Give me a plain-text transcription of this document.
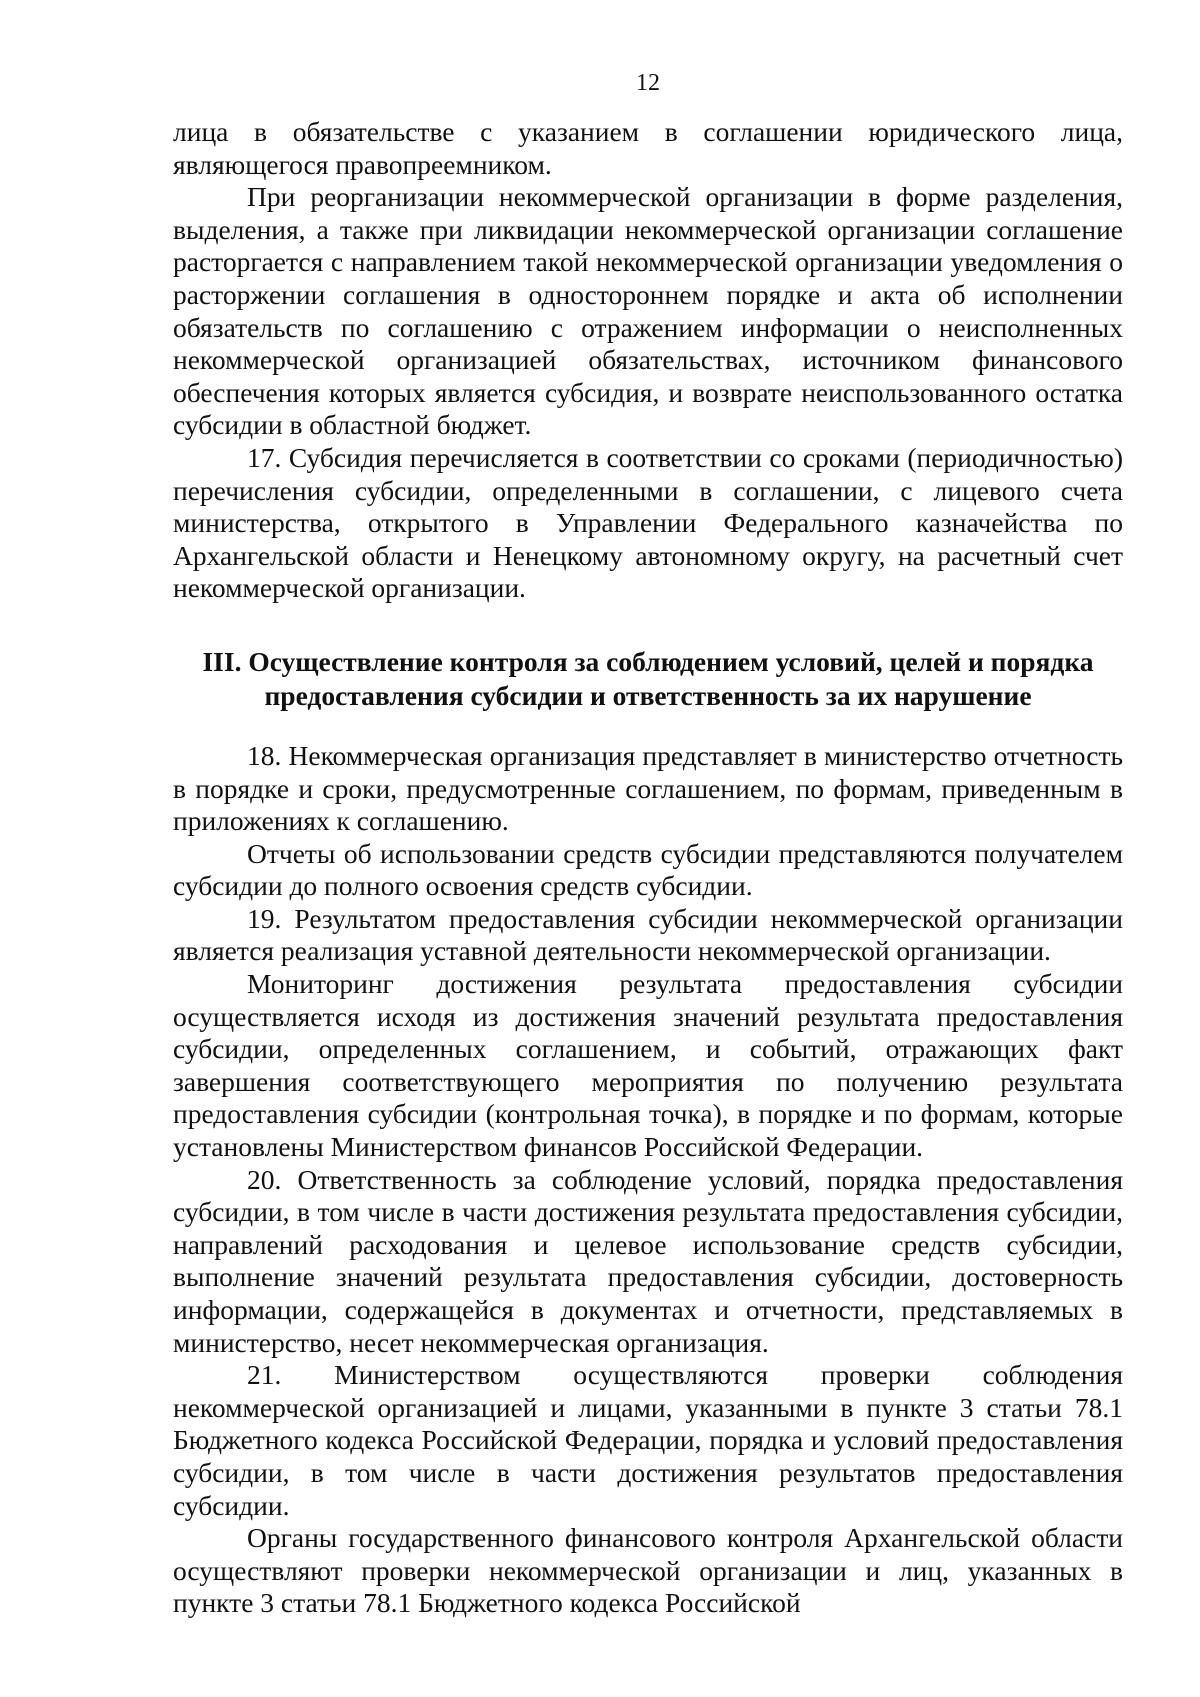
12

лица в обязательстве с указанием в соглашении юридического лица, являющегося правопреемником.

При реорганизации некоммерческой организации в форме разделения, выделения, а также при ликвидации некоммерческой организации соглашение расторгается с направлением такой некоммерческой организации уведомления о расторжении соглашения в одностороннем порядке и акта об исполнении обязательств по соглашению с отражением информации о неисполненных некоммерческой организацией обязательствах, источником финансового обеспечения которых является субсидия, и возврате неиспользованного остатка субсидии в областной бюджет.

17. Субсидия перечисляется в соответствии со сроками (периодичностью) перечисления субсидии, определенными в соглашении, с лицевого счета министерства, открытого в Управлении Федерального казначейства по Архангельской области и Ненецкому автономному округу, на расчетный счет некоммерческой организации.

III. Осуществление контроля за соблюдением условий, целей и порядка
предоставления субсидии и ответственность за их нарушение

18. Некоммерческая организация представляет в министерство отчетность в порядке и сроки, предусмотренные соглашением, по формам, приведенным в приложениях к соглашению.

Отчеты об использовании средств субсидии представляются получателем субсидии до полного освоения средств субсидии.

19. Результатом предоставления субсидии некоммерческой организации является реализация уставной деятельности некоммерческой организации.

Мониторинг достижения результата предоставления субсидии осуществляется исходя из достижения значений результата предоставления субсидии, определенных соглашением, и событий, отражающих факт завершения соответствующего мероприятия по получению результата предоставления субсидии (контрольная точка), в порядке и по формам, которые установлены Министерством финансов Российской Федерации.

20. Ответственность за соблюдение условий, порядка предоставления субсидии, в том числе в части достижения результата предоставления субсидии, направлений расходования и целевое использование средств субсидии, выполнение значений результата предоставления субсидии, достоверность информации, содержащейся в документах и отчетности, представляемых в министерство, несет некоммерческая организация.

21. Министерством осуществляются проверки соблюдения некоммерческой организацией и лицами, указанными в пункте 3 статьи 78.1 Бюджетного кодекса Российской Федерации, порядка и условий предоставления субсидии, в том числе в части достижения результатов предоставления субсидии.

Органы государственного финансового контроля Архангельской области осуществляют проверки некоммерческой организации и лиц, указанных в пункте 3 статьи 78.1 Бюджетного кодекса Российской
